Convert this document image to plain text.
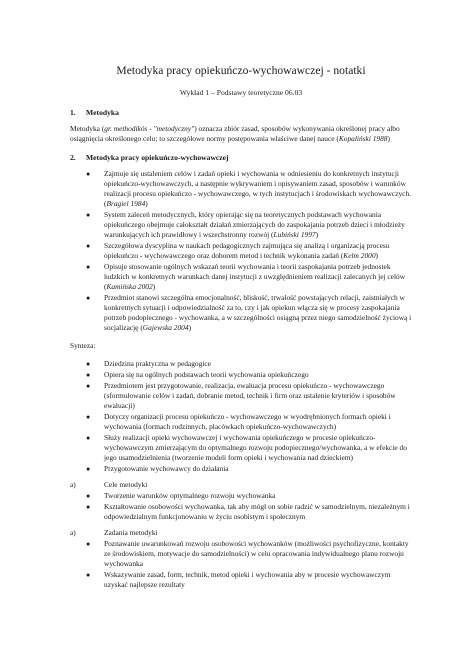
Metodyka pracy opiekuńczo-wychowawczej - notatki
Wykład 1 – Podstawy teoretyczne 06.03
1. Metodyka
Metodyka (gr. methodikós - "metodyczny") oznacza zbiór zasad, sposobów wykonywania określonej pracy albo osiągnięcia określonego celu; to szczegółowe normy postępowania właściwe danej nauce (Kopaliński 1988)
2. Metodyka pracy opiekuńczo-wychowawczej
● Zajmuje się ustaleniem celów i zadań opieki i wychowania w odniesieniu do konkretnych instytucji opiekuńczo-wychowawczych, a następnie wykrywaniem i opisywaniem zasad, sposobów i warunków realizacji procesu opiekuńczo - wychowawczego, w tych instytucjach i środowiskach wychowawczych. (Bragiel 1984)
● System zaleceń metodycznych, który opierając się na teoretycznych podstawach wychowania opiekuńczego obejmuje całokształt działań zmierzających do zaspokajania potrzeb dzieci i młodzieży warunkujących ich prawidłowy i wszechstronny rozwój (Lubiński 1997)
● Szczegółowa dyscyplina w naukach pedagogicznych zajmująca się analizą i organizacją procesu opiekuńczo - wychowawczego oraz doborem metod i technik wykonania zadań (Kelm 2000)
● Opisuje stosowanie ogólnych wskazań teorii wychowania i teorii zaspokajania potrzeb jednostek ludzkich w konkretnych warunkach danej instytucji z uwzględnieniem realizacji zalecanych jej celów (Kamińska 2002)
● Przedmiot stanowi szczególna emocjonalność, bliskość, trwałość powstających relacji, zaistniałych w konkretnych sytuacji i odpowiedzialność za to, czy i jak opiekun włącza się w procesy zaspokajania potrzeb podopiecznego - wychowanka, a w szczególności osiągną przez niego samodzielność życiową i socjalizację (Gajewska 2004)
Synteza:
● Dziedzina praktyczna w pedagogice
● Opiera się na ogólnych podstawach teorii wychowania opiekuńczego
● Przedmiotem jest przygotowanie, realizacja, ewaluacja procesu opiekuńczo - wychowawczego (sformułowanie celów i zadań, dobranie metod, technik i firm oraz ustalenie kryteriów i sposobów ewaluacji)
● Dotyczy organizacji procesu opiekuńczo - wychowawczego w wyodrębnionych formach opieki i wychowania (formach rodzinnych, placówkach opiekuńczo-wychowawczych)
● Służy realizacji opieki wychowawczej i wychowania opiekuńczego w procesie opiekuńczo-wychowawczym zmierzającym do optymalnego rozwoju podopiecznego/wychowanka, a w efekcie do jego usamodzielnienia (tworzenie modeli form opieki i wychowania nad dzieckiem)
● Przygotowanie wychowawcy do działania
a)	Cele metodyki
● Tworzenie warunków optymalnego rozwoju wychowanka
● Kształtowanie osobowości wychowanka, tak aby mógł on sobie radzić w samodzielnym, niezależnym i odpowiedzialnym funkcjonowaniu w życiu osobistym i społecznym
a)	Zadania metodyki
● Poznawanie uwarunkowań rozwoju osobowości wychowanków (możliwości psychofizyczne, kontakty ze środowiskiem, motywacje do samodzielności) w celu opracowania indywidualnego planu rozwoju wychowanka
● Wskazywanie zasad, form, technik, metod opieki i wychowania aby w procesie wychowawczym uzyskać najlepsze rezultaty
